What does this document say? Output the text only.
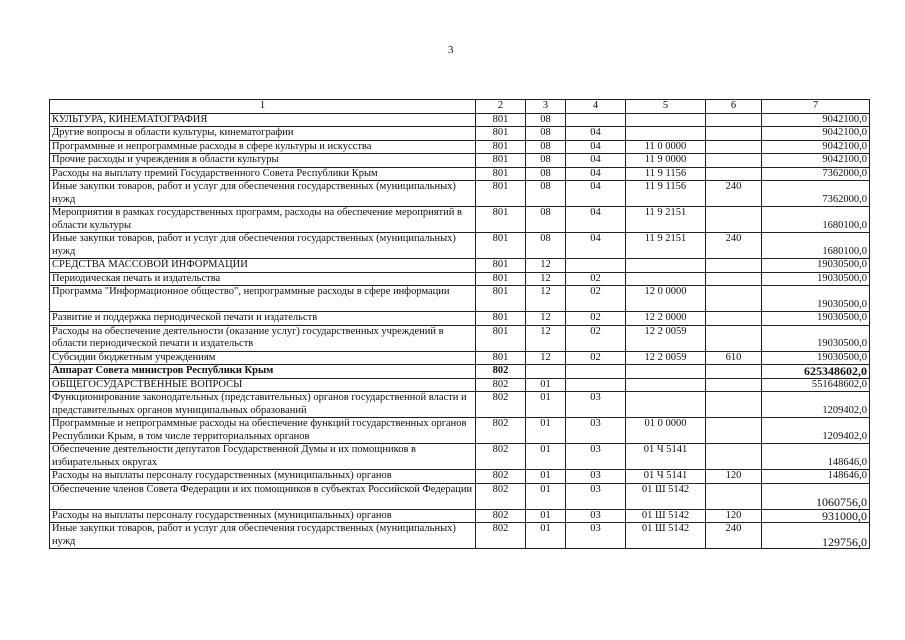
3
1	2	3	4	5	6	7
КУЛЬТУРА, КИНЕМАТОГРАФИЯ	801	08				9042100,0
Другие вопросы в области культуры, кинематографии	801	08	04			9042100,0
Программные и непрограммные расходы в сфере культуры и искусства	801	08	04	11 0 0000		9042100,0
Прочие расходы и учреждения в области культуры	801	08	04	11 9 0000		9042100,0
Расходы на выплату премий Государственного Совета Республики Крым	801	08	04	11 9 1156		7362000,0
Иные закупки товаров, работ и услуг для обеспечения государственных (муниципальных) нужд	801	08	04	11 9 1156	240	7362000,0
Мероприятия в рамках государственных программ, расходы на обеспечение мероприятий в области культуры	801	08	04	11 9 2151		1680100,0
Иные закупки товаров, работ и услуг для обеспечения государственных (муниципальных) нужд	801	08	04	11 9 2151	240	1680100,0
СРЕДСТВА МАССОВОЙ ИНФОРМАЦИИ	801	12				19030500,0
Периодическая печать и издательства	801	12	02			19030500,0
Программа "Информационное общество", непрограммные расходы в сфере информации	801	12	02	12 0 0000		19030500,0
Развитие и поддержка периодической печати и издательств	801	12	02	12 2 0000		19030500,0
Расходы на обеспечение деятельности (оказание услуг) государственных учреждений в области периодической печати и издательств	801	12	02	12 2 0059		19030500,0
Субсидии бюджетным учреждениям	801	12	02	12 2 0059	610	19030500,0
Аппарат Совета министров Республики Крым	802					625348602,0
ОБЩЕГОСУДАРСТВЕННЫЕ ВОПРОСЫ	802	01				551648602,0
Функционирование законодательных (представительных) органов государственной власти и представительных органов муниципальных образований	802	01	03			1209402,0
Программные и непрограммные расходы на обеспечение функций государственных органов Республики Крым, в том числе территориальных органов	802	01	03	01 0 0000		1209402,0
Обеспечение деятельности депутатов Государственной Думы и их помощников в избирательных округах	802	01	03	01 Ч 5141		148646,0
Расходы на выплаты персоналу государственных (муниципальных) органов	802	01	03	01 Ч 5141	120	148646,0
Обеспечение членов Совета Федерации и их помощников в субъектах Российской Федерации	802	01	03	01 Ш 5142		1060756,0
Расходы на выплаты персоналу государственных (муниципальных) органов	802	01	03	01 Ш 5142	120	931000,0
Иные закупки товаров, работ и услуг для обеспечения государственных (муниципальных) нужд	802	01	03	01 Ш 5142	240	129756,0
